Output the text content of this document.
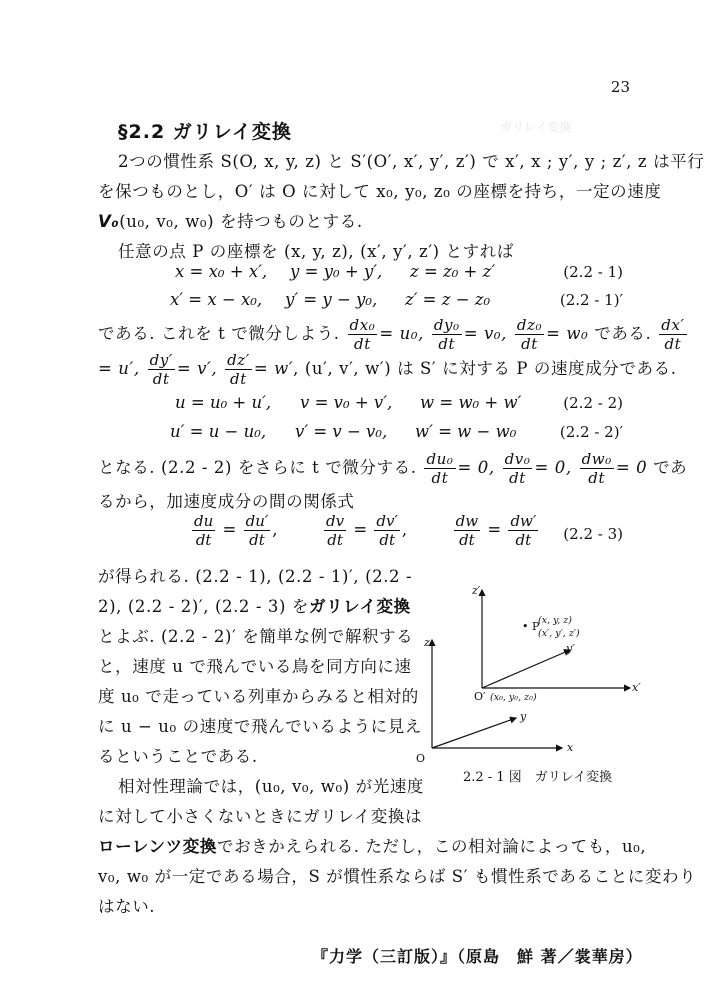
ガリレイ変換
23
§2.2 ガリレイ変換
2つの慣性系 S(O, x, y, z) と S′(O′, x′, y′, z′) で x′, x ; y′, y ; z′, z は平行
を保つものとし，O′ は O に対して x₀, y₀, z₀ の座標を持ち，一定の速度
V₀(u₀, v₀, w₀) を持つものとする.
任意の点 P の座標を (x, y, z), (x′, y′, z′) とすれば
x = x₀ + x′, y = y₀ + y′, z = z₀ + z′	(2.2 - 1)
x′ = x − x₀, y′ = y − y₀, z′ = z − z₀	(2.2 - 1)′
である. これを t で微分しよう. $\frac{\text{dx₀}}{dt} = u_0$, $\frac{\text{dy₀}}{dt} = v_0$, $\frac{\text{dz₀}}{dt} = w_0$ である. $\frac{dx'}{dt}$
= u′, $\frac{dy'}{dt} = v'$, $\frac{dz'}{dt} = w'$, (u′, v′, w′) は S′ に対する P の速度成分である.
u = u₀ + u′, v = v₀ + v′, w = w₀ + w′	(2.2 - 2)
u′ = u − u₀, v′ = v − v₀, w′ = w − w₀	(2.2 - 2)′
となる. (2.2 - 2) をさらに t で微分する. $\frac{\text{du₀}}{dt} = 0$, $\frac{\text{dv₀}}{dt} = 0$, $\frac{\text{dw₀}}{dt} = 0$ であ
るから，加速度成分の間の関係式
$\frac{du}{dt} = \frac{du'}{dt}$ ,	$\frac{dv}{dt} = \frac{dv'}{dt}$ ,	$\frac{dw}{dt} = \frac{dw'}{dt} (2.2 - 3)$
が得られる. (2.2 - 1), (2.2 - 1)′, (2.2 -
2), (2.2 - 2)′, (2.2 - 3) をガリレイ変換
とよぶ. (2.2 - 2)′ を簡単な例で解釈する
と，速度 u で飛んでいる鳥を同方向に速
度 u₀ で走っている列車からみると相対的
に u − u₀ の速度で飛んでいるように見え
るということである.
相対性理論では，(u₀, v₀, w₀) が光速度
に対して小さくないときにガリレイ変換は
ローレンツ変換でおきかえられる. ただし，この相対論によっても，u₀,
v₀, w₀ が一定である場合，S が慣性系ならば S′ も慣性系であることに変わり
はない.
z
x
y
O
z′
x′
y′
O′ (x₀, y₀, z₀)
• P
(x, y, z)
(x′, y′, z′)
2.2 - 1 図　ガリレイ変換
『力学（三訂版）』（原島　鮮 著／裳華房）
